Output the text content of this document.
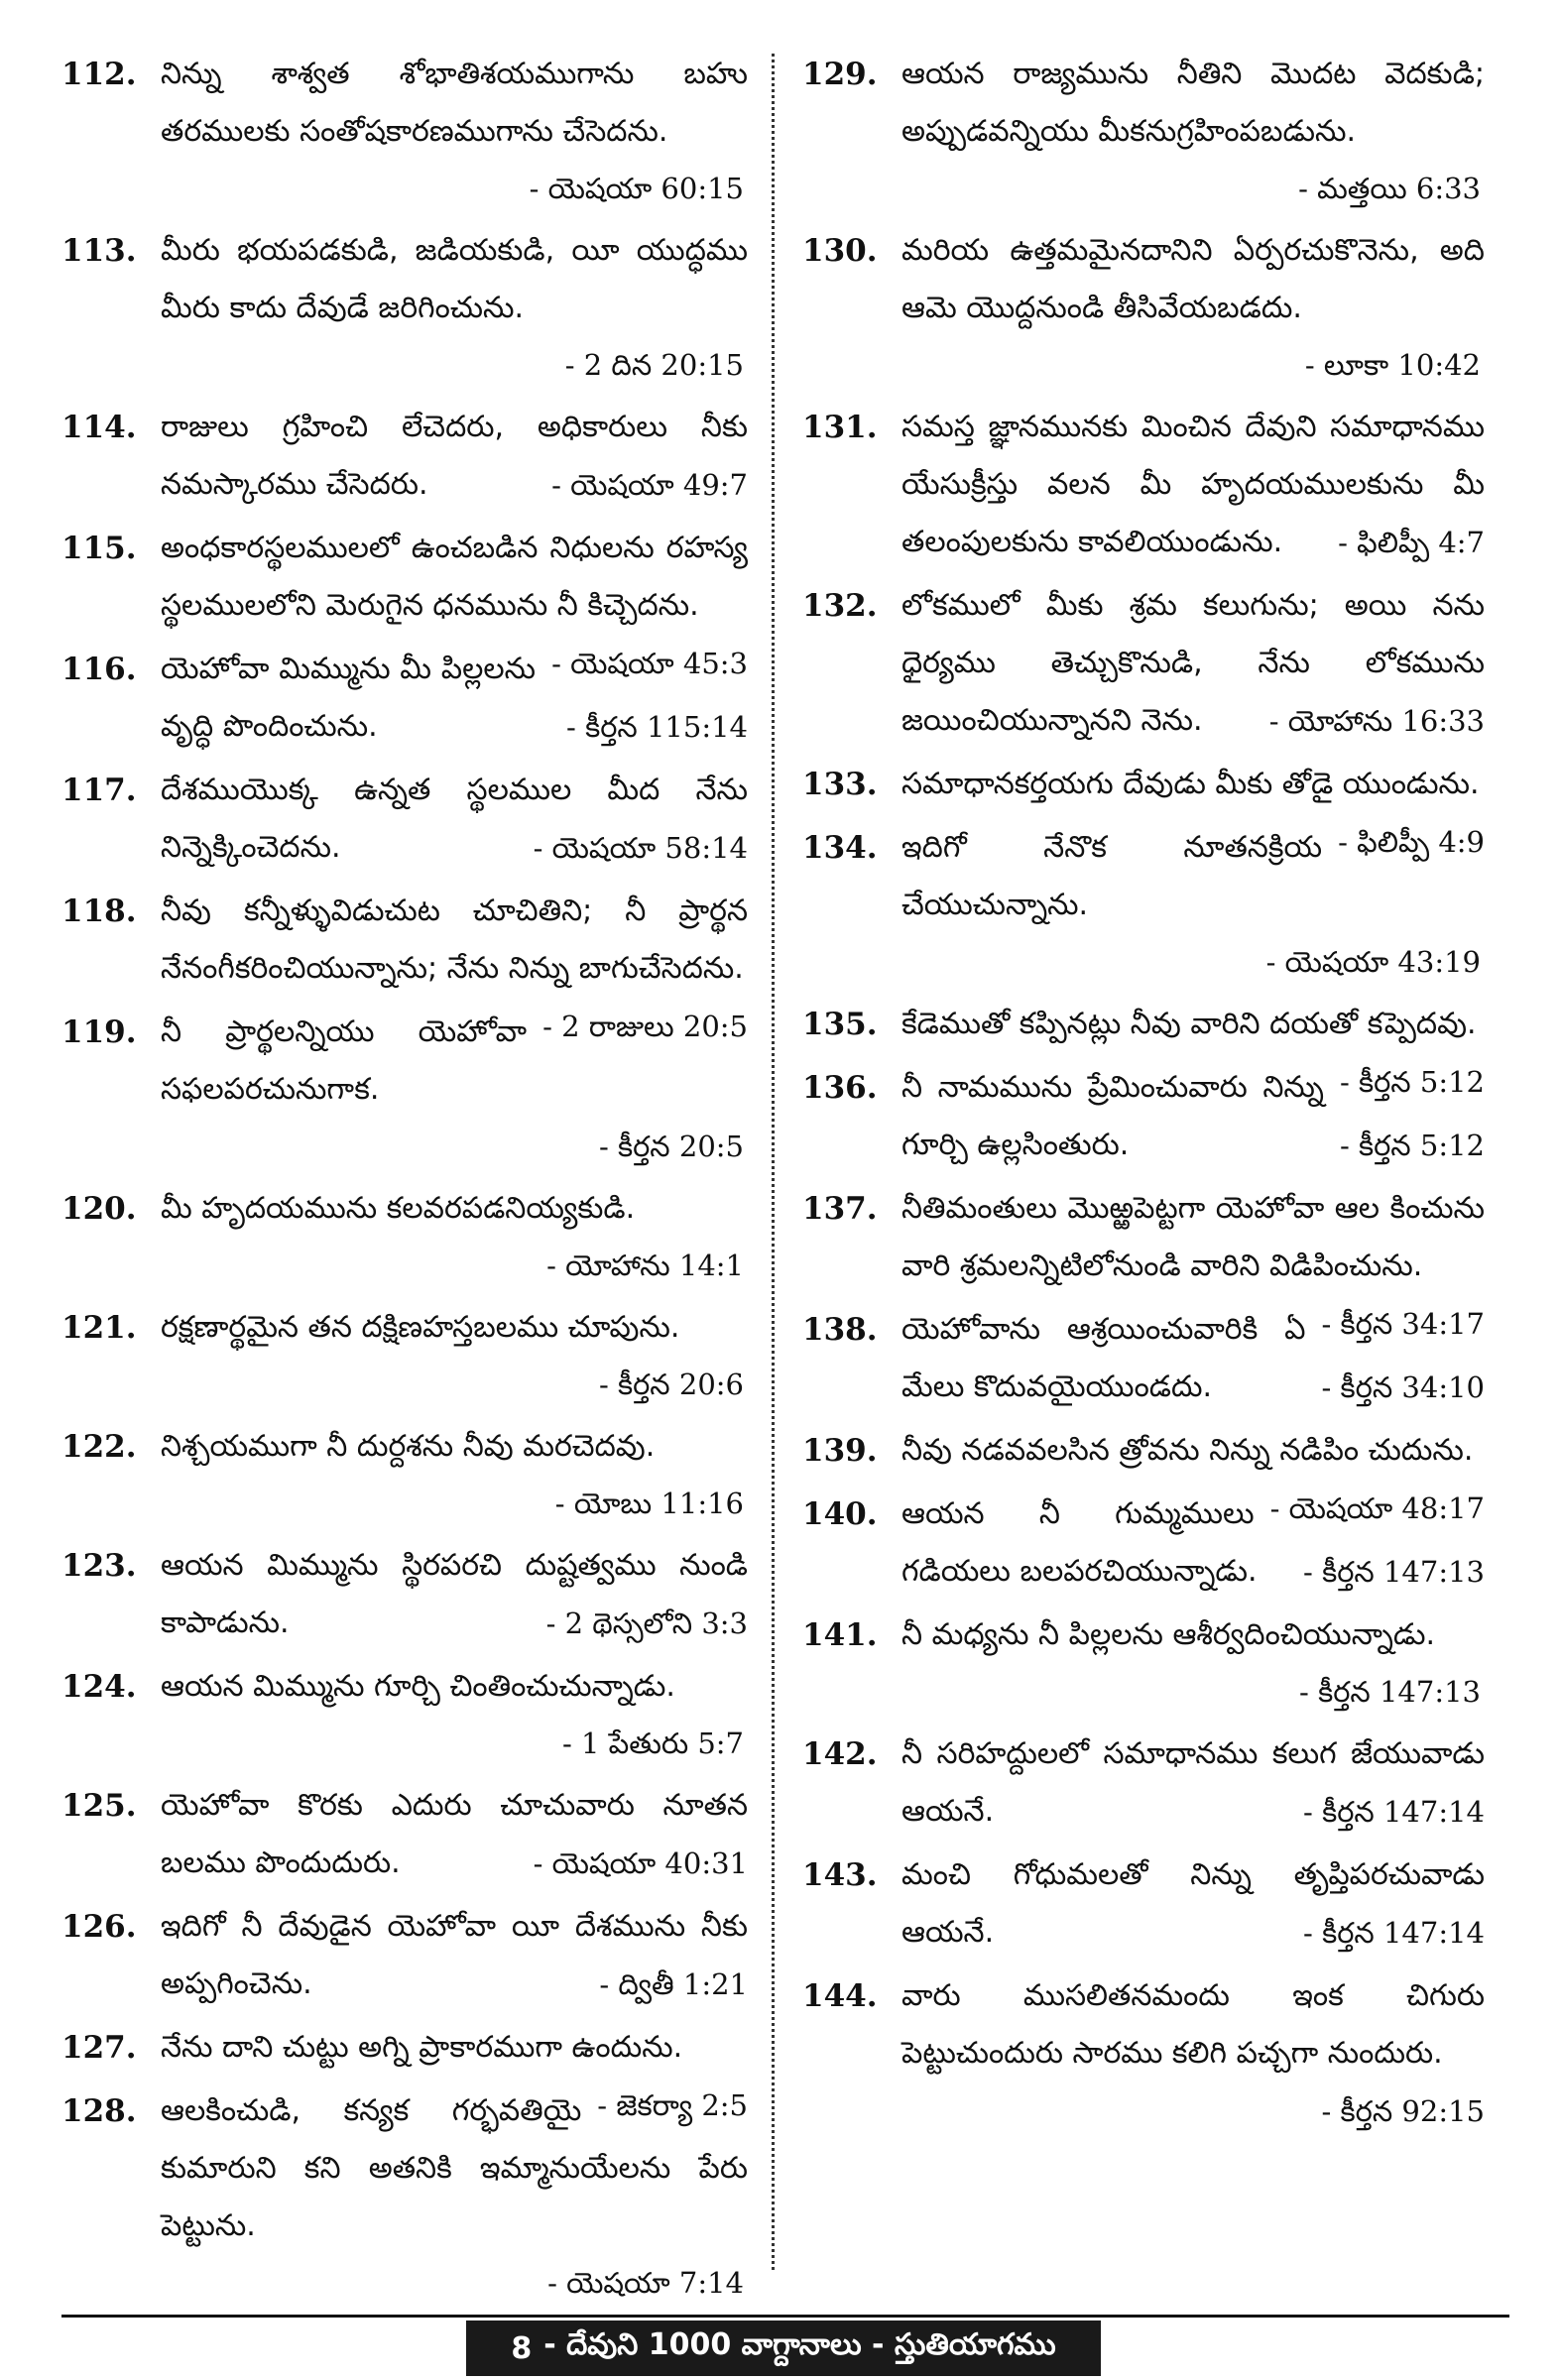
112. నిన్ను శాశ్వత శోభాతిశయముగాను బహు తరములకు సంతోషకారణముగాను చేసెదను.
- యెషయా 60:15
113. మీరు భయపడకుడి, జడియకుడి, యీ యుద్ధము మీరు కాదు దేవుడే జరిగించును.
- 2 దిన 20:15
114. రాజులు గ్రహించి లేచెదరు, అధికారులు నీకు నమస్కారము చేసెదరు.	- యెషయా 49:7
115. అంధకారస్థలములలో ఉంచబడిన నిధులను రహస్య స్థలములలోని మెరుగైన ధనమును నీ కిచ్చెదను.
- యెషయా 45:3
116. యెహోవా మిమ్మును మీ పిల్లలను వృద్ధి పొందించును.	- కీర్తన 115:14
117. దేశముయొక్క ఉన్నత స్థలముల మీద నేను నిన్నెక్కించెదను.	- యెషయా 58:14
118. నీవు కన్నీళ్ళువిడుచుట చూచితిని; నీ ప్రార్థన నేనంగీకరించియున్నాను; నేను నిన్ను బాగుచేసెదను.
- 2 రాజులు 20:5
119. నీ ప్రార్థలన్నియు యెహోవా సఫలపరచునుగాక.
- కీర్తన 20:5
120. మీ హృదయమును కలవరపడనియ్యకుడి.
- యోహాను 14:1
121. రక్షణార్థమైన తన దక్షిణహస్తబలము చూపును.
- కీర్తన 20:6
122. నిశ్చయముగా నీ దుర్దశను నీవు మరచెదవు.
- యోబు 11:16
123. ఆయన మిమ్మును స్థిరపరచి దుష్టత్వము నుండి కాపాడును.	- 2 థెస్సలోని 3:3
124. ఆయన మిమ్మును గూర్చి చింతించుచున్నాడు.
- 1 పేతురు 5:7
125. యెహోవా కొరకు ఎదురు చూచువారు నూతన బలము పొందుదురు.	- యెషయా 40:31
126. ఇదిగో నీ దేవుడైన యెహోవా యీ దేశమును నీకు అప్పగించెను.	- ద్వితీ 1:21
127. నేను దాని చుట్టు అగ్ని ప్రాకారముగా ఉందును.
- జెకర్యా 2:5
128. ఆలకించుడి, కన్యక గర్భవతియై కుమారుని కని అతనికి ఇమ్మానుయేలను పేరు పెట్టును.
- యెషయా 7:14
129. ఆయన రాజ్యమును నీతిని మొదట వెదకుడి; అప్పుడవన్నియు మీకనుగ్రహింపబడును.
- మత్తయి 6:33
130. మరియ ఉత్తమమైనదానిని ఏర్పరచుకొనెను, అది ఆమె యొద్దనుండి తీసివేయబడదు.
- లూకా 10:42
131. సమస్త జ్ఞానమునకు మించిన దేవుని సమాధానము యేసుక్రీస్తు వలన మీ హృదయములకును మీ తలంపులకును కావలియుండును. - ఫిలిప్పీ 4:7
132. లోకములో మీకు శ్రమ కలుగును; అయి నను ధైర్యము తెచ్చుకొనుడి, నేను లోకమును జయించియున్నానని నెను. - యోహాను 16:33
133. సమాధానకర్తయగు దేవుడు మీకు తోడై యుండును.
- ఫిలిప్పీ 4:9
134. ఇదిగో నేనొక నూతనక్రియ చేయుచున్నాను.
- యెషయా 43:19
135. కేడెముతో కప్పినట్లు నీవు వారిని దయతో కప్పెదవు.
- కీర్తన 5:12
136. నీ నామమును ప్రేమించువారు నిన్ను గూర్చి ఉల్లసింతురు.	- కీర్తన 5:12
137. నీతిమంతులు మొఱ్ఱపెట్టగా యెహోవా ఆల కించును వారి శ్రమలన్నిటిలోనుండి వారిని విడిపించును.
- కీర్తన 34:17
138. యెహోవాను ఆశ్రయించువారికి ఏ మేలు కొదువయైయుండదు.	- కీర్తన 34:10
139. నీవు నడవవలసిన త్రోవను నిన్ను నడిపిం చుదును.
- యెషయా 48:17
140. ఆయన నీ గుమ్మములు గడియలు బలపరచియున్నాడు. - కీర్తన 147:13
141. నీ మధ్యను నీ పిల్లలను ఆశీర్వదించియున్నాడు.
- కీర్తన 147:13
142. నీ సరిహద్దులలో సమాధానము కలుగ జేయువాడు ఆయనే.	- కీర్తన 147:14
143. మంచి గోధుమలతో నిన్ను తృప్తిపరచువాడు ఆయనే.	- కీర్తన 147:14
144. వారు ముసలితనమందు ఇంక చిగురు పెట్టుచుందురు సారము కలిగి పచ్చగా నుందురు.
- కీర్తన 92:15
8 - దేవుని 1000 వాగ్దానాలు - స్తుతియాగము
